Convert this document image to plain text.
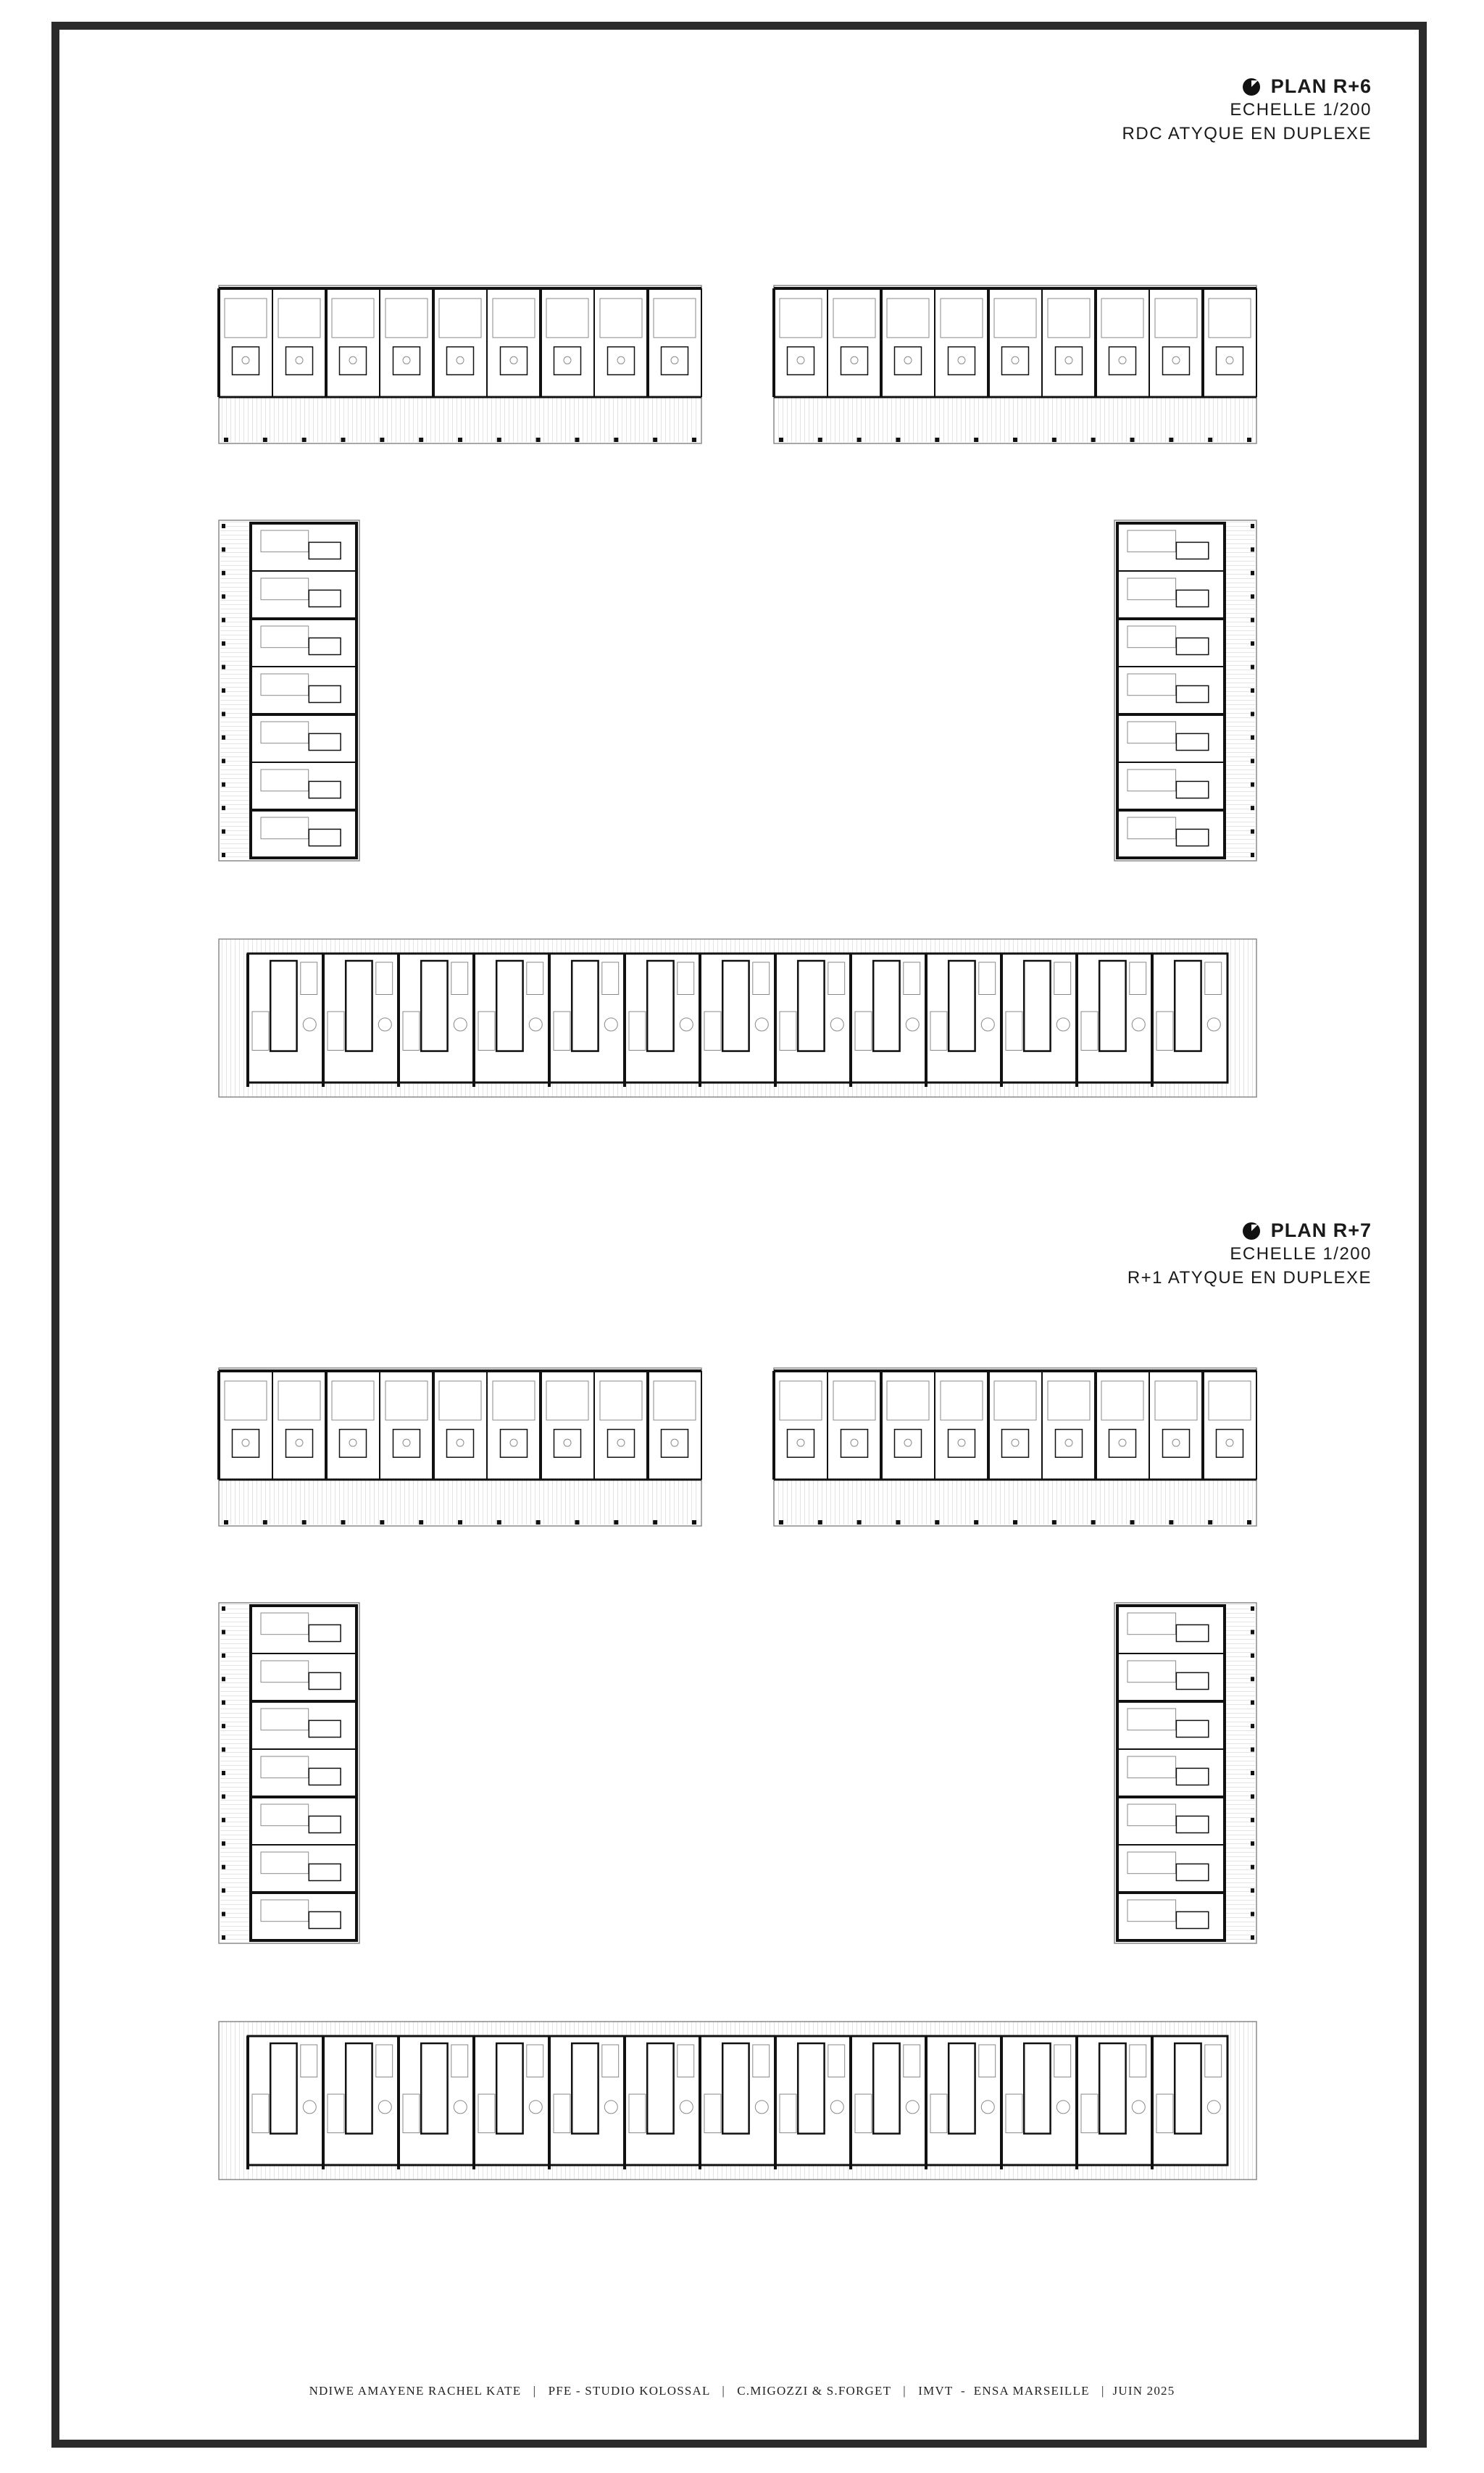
PLAN R+6
ECHELLE 1/200
RDC ATYQUE EN DUPLEXE
PLAN R+7
ECHELLE 1/200
R+1 ATYQUE EN DUPLEXE
NDIWE AMAYENE RACHEL KATE   |   PFE - STUDIO KOLOSSAL   |   C.MIGOZZI & S.FORGET   |   IMVT  -  ENSA MARSEILLE   |  JUIN 2025
